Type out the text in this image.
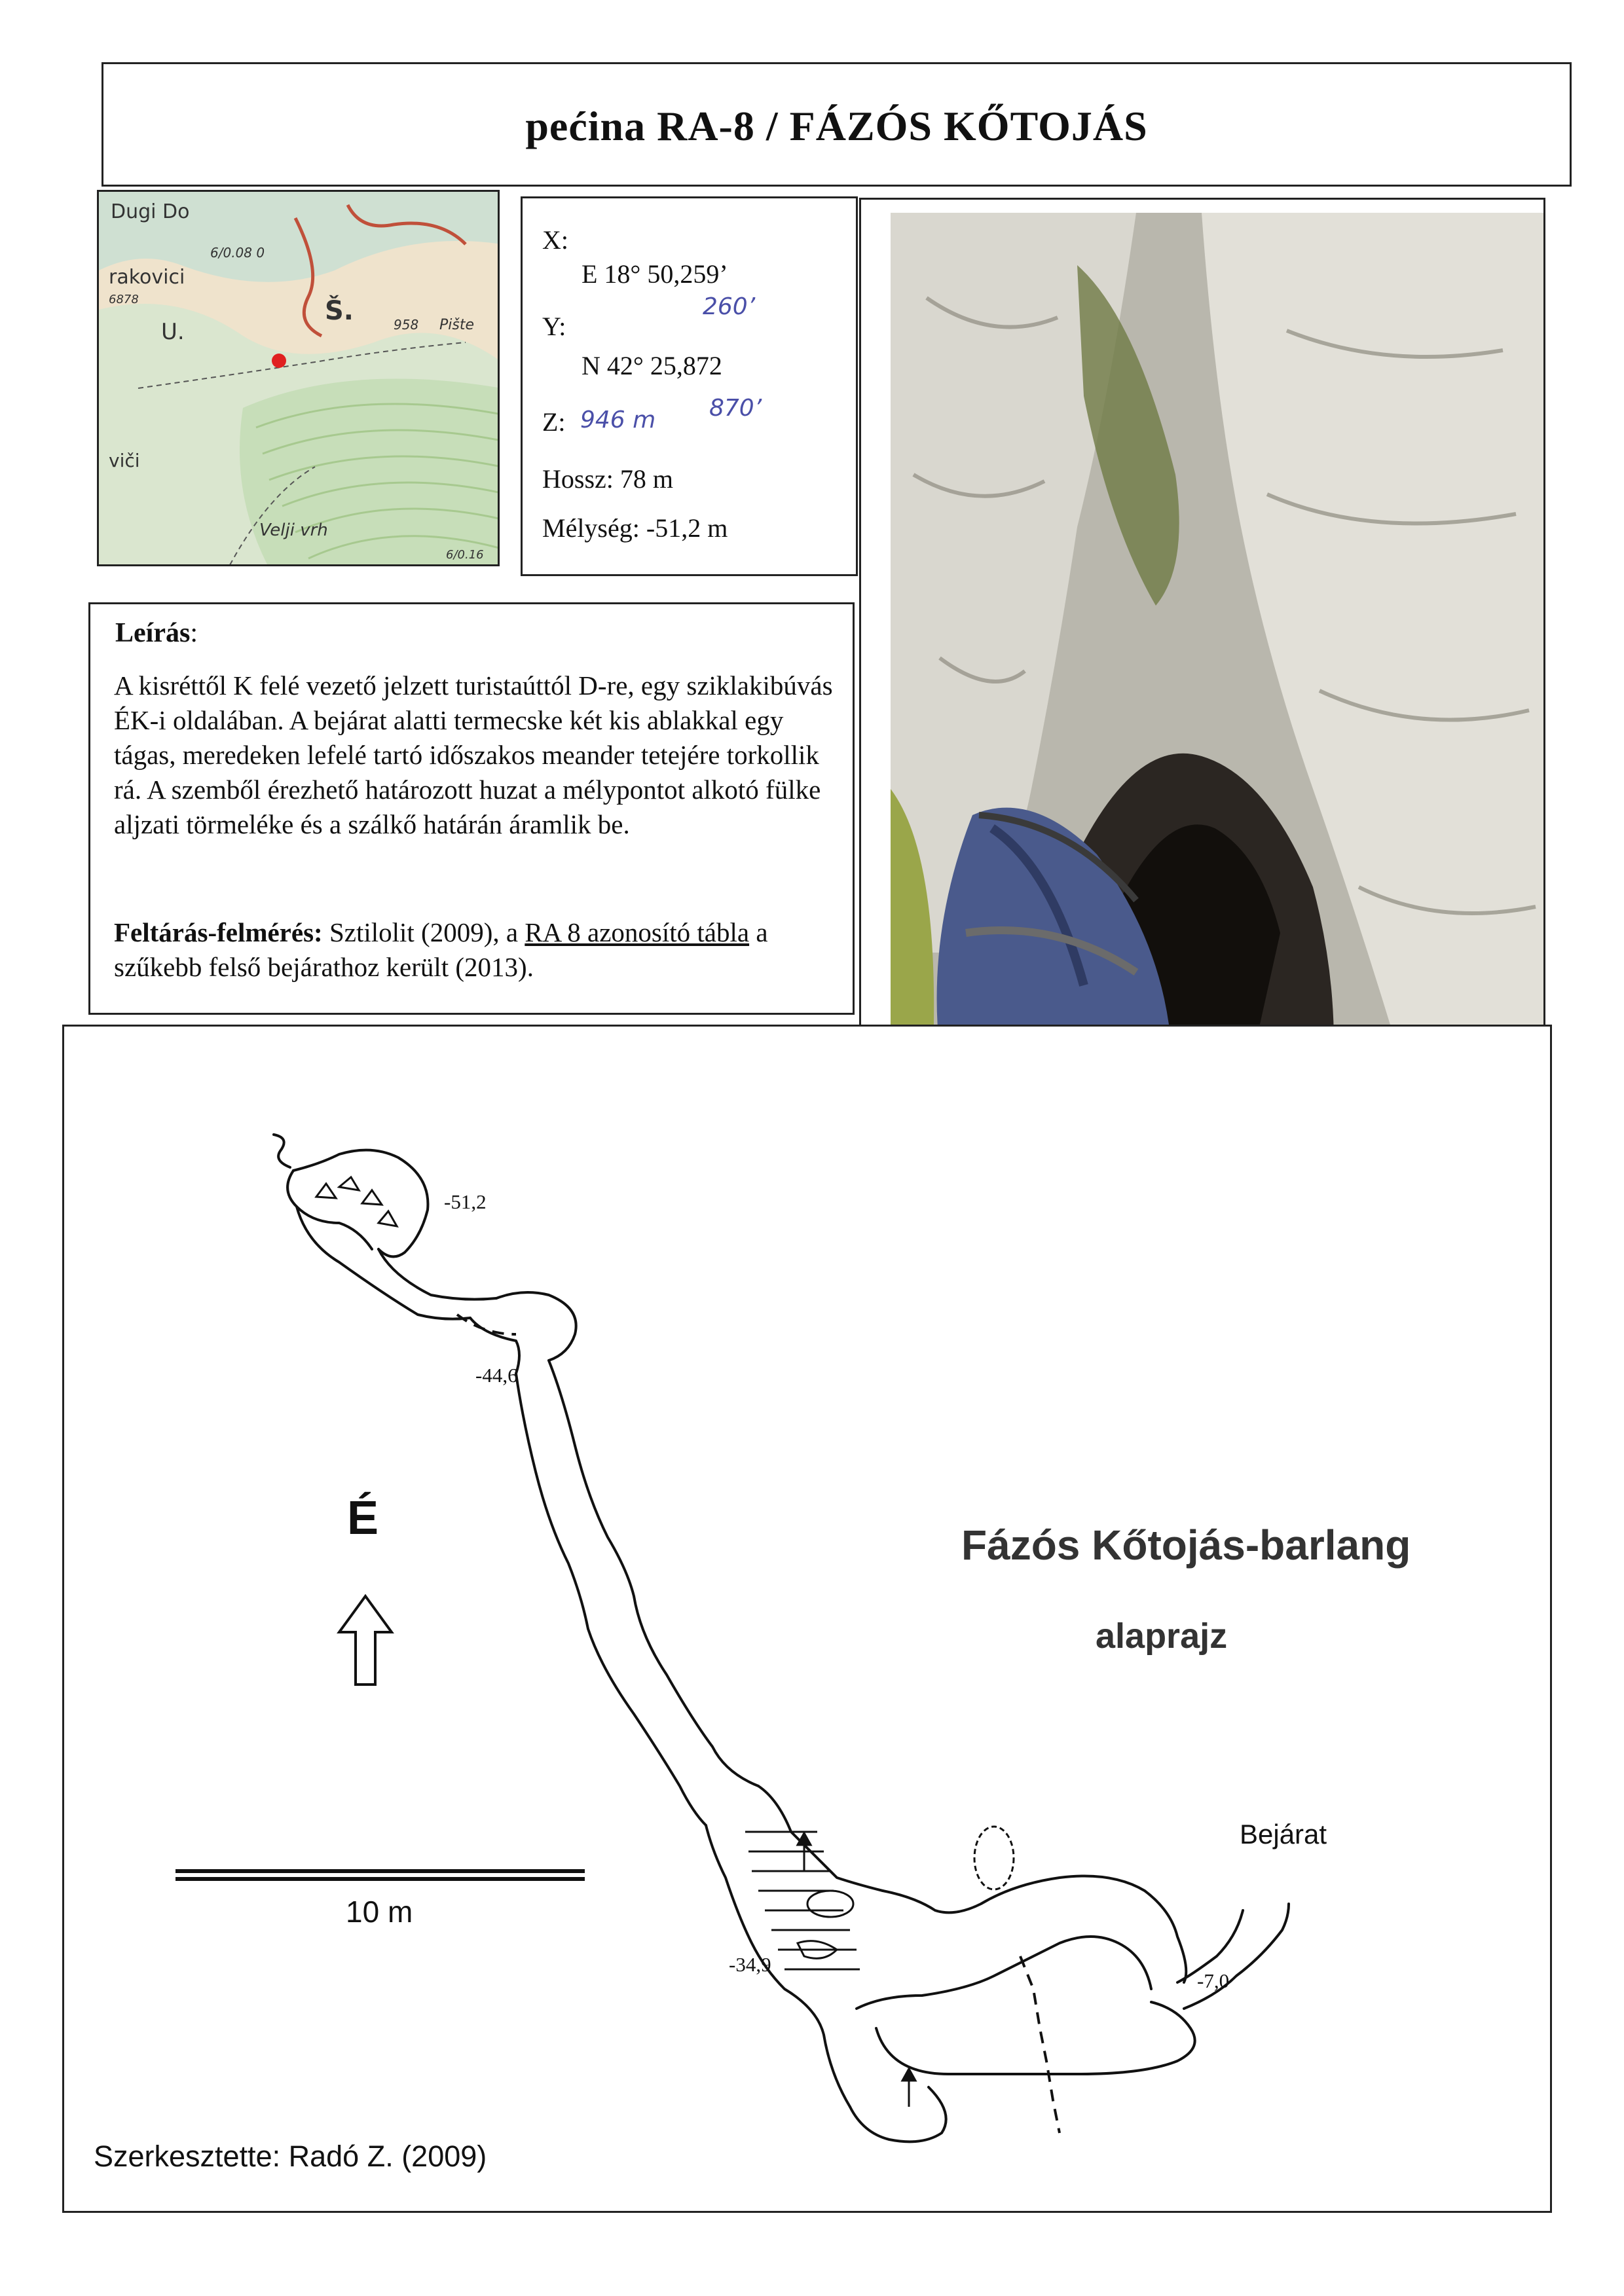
pećina RA-8 / FÁZÓS KŐTOJÁS
Dugi Do
6/0.08 0
rakovici
6878	Š.	958 Pište
U.
viči
Velji vrh
6/0.16
X:
E 18° 50,259’
260’
Y:
N 42° 25,872
870’
Z: 946 m
Hossz: 78 m
Mélység: -51,2 m
Leírás:
A kisréttől K felé vezető jelzett turistaúttól D-re, egy sziklakibúvás ÉK-i oldalában. A bejárat alatti termecske két kis ablakkal egy tágas, meredeken lefelé tartó időszakos meander tetejére torkollik rá. A szemből érezhető határozott huzat a mélypontot alkotó fülke aljzati törmeléke és a szálkő határán áramlik be.
Feltárás-felmérés: Sztilolit (2009), a RA 8 azonosító tábla a szűkebb felső bejárathoz került (2013).
É
Fázós Kőtojás-barlang
alaprajz
-51,2
-44,6
-34,9
-7,0
Bejárat
10 m
Szerkesztette: Radó Z. (2009)
